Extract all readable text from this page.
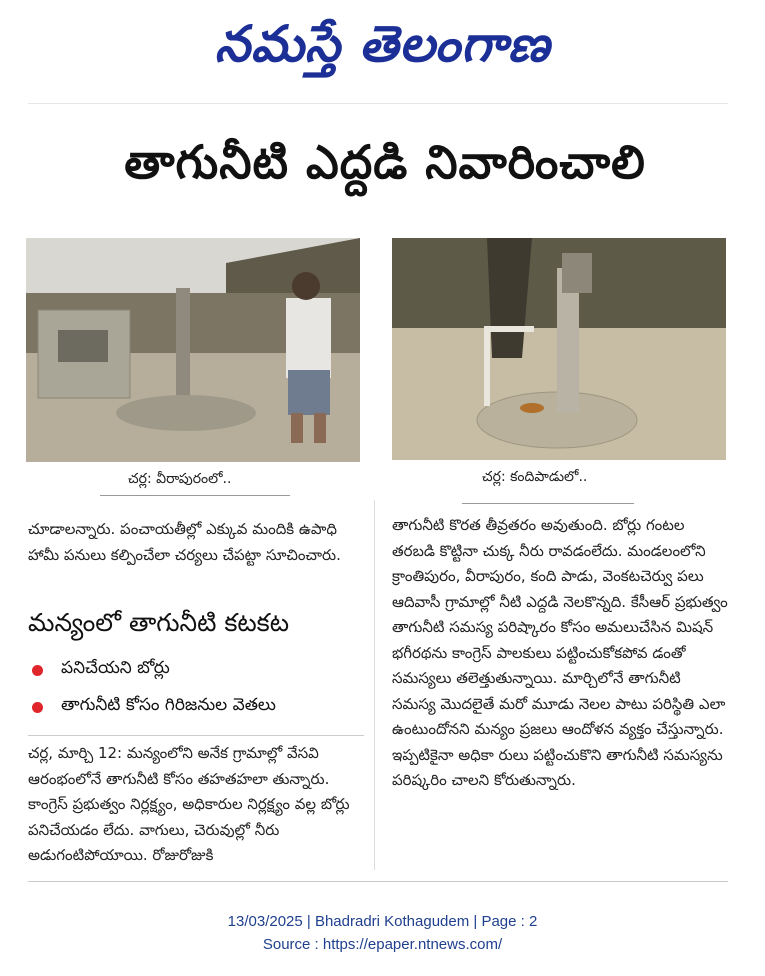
నమస్తే తెలంగాణ
తాగునీటి ఎద్దడి నివారించాలి
చర్ల: వీరాపురంలో..	చర్ల: కందిపాడులో..

చూడాలన్నారు. పంచాయతీల్లో ఎక్కువ మందికి ఉపాధి హామీ పనులు కల్పించేలా చర్యలు చేపట్టా సూచించారు.

మన్యంలో తాగునీటి కటకట
పనిచేయని బోర్లు
తాగునీటి కోసం గిరిజనుల వెతలు

చర్ల, మార్చి 12: మన్యంలోని అనేక గ్రామాల్లో వేసవి ఆరంభంలోనే తాగునీటి కోసం తహతహలా తున్నారు. కాంగ్రెస్ ప్రభుత్వం నిర్లక్ష్యం, అధికారుల నిర్లక్ష్యం వల్ల బోర్లు పనిచేయడం లేదు. వాగులు, చెరువుల్లో నీరు అడుగంటిపోయాయి. రోజురోజుకి

తాగునీటి కొరత తీవ్రతరం అవుతుంది. బోర్లు గంటల తరబడి కొట్టినా చుక్క నీరు రావడంలేదు. మండలంలోని క్రాంతిపురం, వీరాపురం, కంది పాడు, వెంకటచెర్వు పలు ఆదివాసీ గ్రామాల్లో నీటి ఎద్దడి నెలకొన్నది. కేసీఆర్ ప్రభుత్వం తాగునీటి సమస్య పరిష్కారం కోసం అమలుచేసిన మిషన్ భగీరథను కాంగ్రెస్ పాలకులు పట్టించుకోకపోవ డంతో సమస్యలు తలెత్తుతున్నాయి. మార్చిలోనే తాగునీటి సమస్య మొదలైతే మరో మూడు నెలల పాటు పరిస్థితి ఎలా ఉంటుందోనని మన్యం ప్రజలు ఆందోళన వ్యక్తం చేస్తున్నారు. ఇప్పటికైనా అధికా రులు పట్టించుకొని తాగునీటి సమస్యను పరిష్కరిం చాలని కోరుతున్నారు.

13/03/2025 | Bhadradri Kothagudem | Page : 2
Source : https://epaper.ntnews.com/
